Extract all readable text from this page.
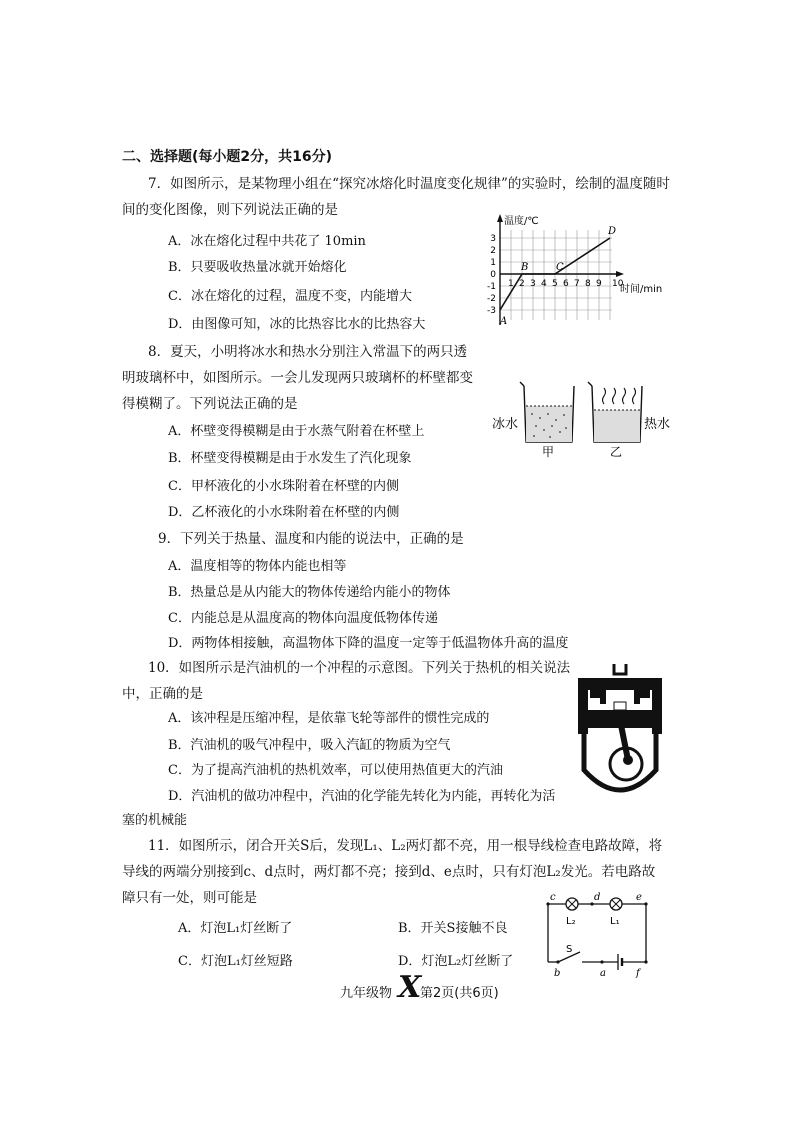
二、选择题(每小题2分，共16分)
7．如图所示，是某物理小组在“探究冰熔化时温度变化规律”的实验时，绘制的温度随时
间的变化图像，则下列说法正确的是
A．冰在熔化过程中共花了 10min
B．只要吸收热量冰就开始熔化
C．冰在熔化的过程，温度不变，内能增大
D．由图像可知，冰的比热容比水的比热容大
温度/℃
时间/min
3
2
1
0
-1
-2
-3
1 2 3 4 5 6 7 8 9 10
A
B	C
D
8．夏天，小明将冰水和热水分别注入常温下的两只透
明玻璃杯中，如图所示。一会儿发现两只玻璃杯的杯壁都变
得模糊了。下列说法正确的是
A．杯壁变得模糊是由于水蒸气附着在杯壁上
B．杯壁变得模糊是由于水发生了汽化现象
C．甲杯液化的小水珠附着在杯壁的内侧
D．乙杯液化的小水珠附着在杯壁的内侧
冰水	热水
甲	乙
9．下列关于热量、温度和内能的说法中，正确的是
A．温度相等的物体内能也相等
B．热量总是从内能大的物体传递给内能小的物体
C．内能总是从温度高的物体向温度低物体传递
D．两物体相接触，高温物体下降的温度一定等于低温物体升高的温度
10．如图所示是汽油机的一个冲程的示意图。下列关于热机的相关说法
中，正确的是
A．该冲程是压缩冲程，是依靠飞轮等部件的惯性完成的
B．汽油机的吸气冲程中，吸入汽缸的物质为空气
C．为了提高汽油机的热机效率，可以使用热值更大的汽油
D．汽油机的做功冲程中，汽油的化学能先转化为内能，再转化为活
塞的机械能
11．如图所示，闭合开关S后，发现L₁、L₂两灯都不亮，用一根导线检查电路故障，将
导线的两端分别接到c、d点时，两灯都不亮；接到d、e点时，只有灯泡L₂发光。若电路故
障只有一处，则可能是
A．灯泡L₁灯丝断了	B．开关S接触不良
C．灯泡L₁灯丝短路	D．灯泡L₂灯丝断了
c	d	e
b	a	f
S
L₂	L₁
九年级物 X
第2页(共6页)
